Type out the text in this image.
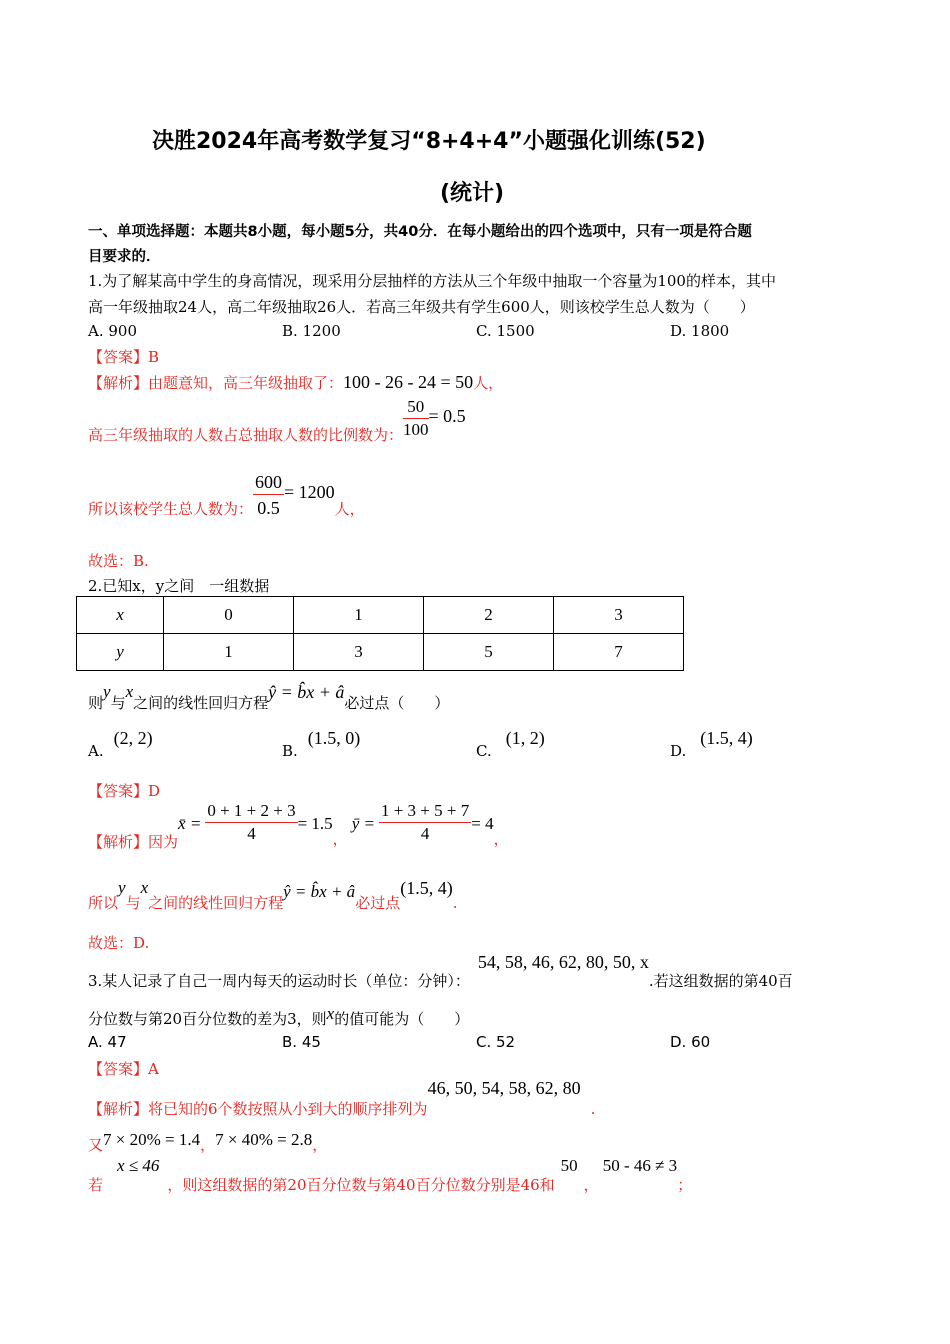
决胜2024年高考数学复习“8+4+4”小题强化训练(52)
(统计)
一、单项选择题：本题共8小题，每小题5分，共40分．在每小题给出的四个选项中，只有一项是符合题
目要求的．
1.为了解某高中学生的身高情况，现采用分层抽样的方法从三个年级中抽取一个容量为100的样本，其中
高一年级抽取24人，高二年级抽取26人．若高三年级共有学生600人，则该校学生总人数为（　　）
A. 900	B. 1200	C. 1500	D. 1800
【答案】B
【解析】由题意知，高三年级抽取了：100 - 26 - 24 = 50人，
高三年级抽取的人数占总抽取人数的比例数为： $\frac{50}{100} = 0.5$
所以该校学生总人数为： $\frac{600}{0.5} = 1200$人，
故选：B.
2.已知x，y之间　一组数据
x	0	1	2	3
y	1	3	5	7
则y与x之间的线性回归方程ŷ = b̂x + â必过点（　　）
A.(2, 2)
B.(1.5, 0)
C.(1, 2)
D.(1.5, 4)
【答案】D
【解析】因为x̄ = $\frac{0 + 1 + 2 + 3}{4} = 1.5$，ȳ = $\frac{1 + 3 + 5 + 7}{4} = 4$，
所以y与x之间的线性回归方程ŷ = b̂x + â必过点(1.5, 4).
故选：D.
3.某人记录了自己一周内每天的运动时长（单位：分钟）：54, 58, 46, 62, 80, 50, x.若这组数据的第40百
分位数与第20百分位数的差为3，则x的值可能为（　　）
A. 47	B. 45	C. 52	D. 60
【答案】A
【解析】将已知的6个数按照从小到大的顺序排列为46, 50, 54, 58, 62, 80.
又7 × 20% = 1.4，7 × 40% = 2.8，
若x ≤ 46，则这组数据的第20百分位数与第40百分位数分别是46和50，50 - 46 ≠ 3；
